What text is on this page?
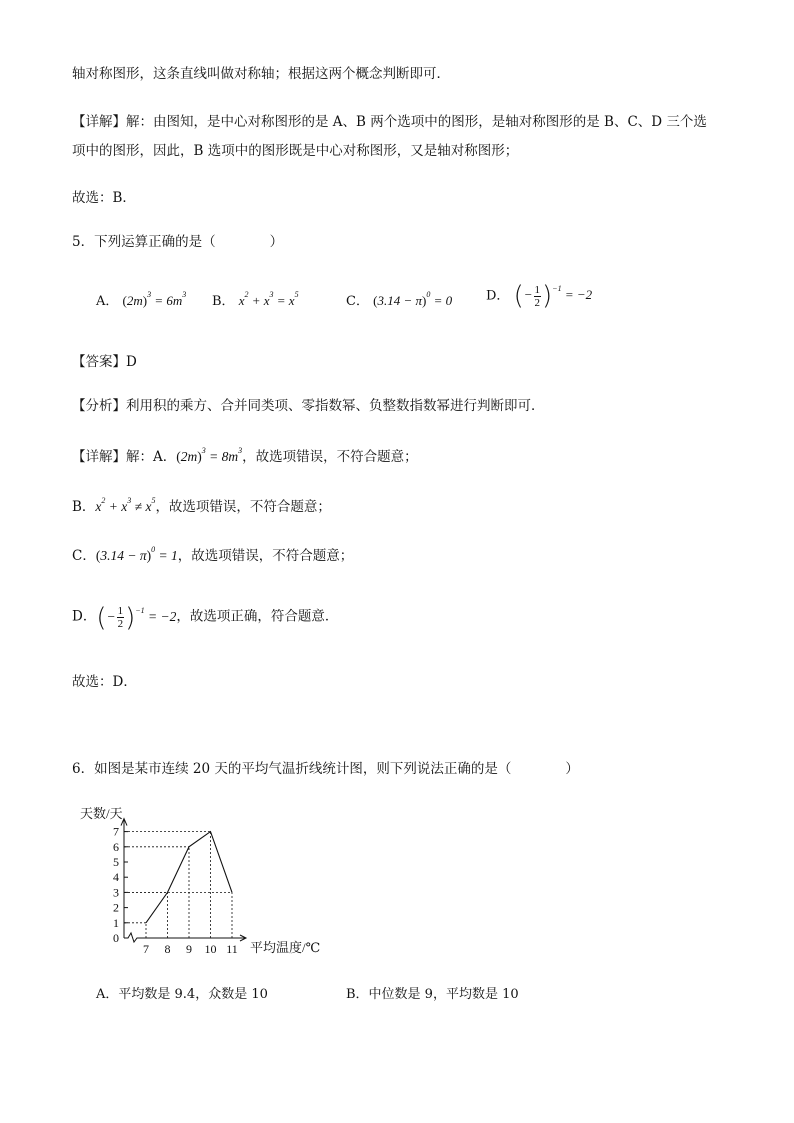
轴对称图形，这条直线叫做对称轴；根据这两个概念判断即可．
【详解】解：由图知，是中心对称图形的是 A、B 两个选项中的图形，是轴对称图形的是 B、C、D 三个选
项中的图形，因此，B 选项中的图形既是中心对称图形，又是轴对称图形；
故选：B．
5．下列运算正确的是（　　　　）
A． $(2m)^3 = 6m^3$ B． $x^2 + x^3 = x^5$	C． $(3.14 - \pi)^0 = 0$	D． (− $\frac{1}{2} )^{-1} = -2$
【答案】D
【分析】利用积的乘方、合并同类项、零指数幂、负整数指数幂进行判断即可．
【详解】解：A．$(2m)^3 = 8m^3$，故选项错误，不符合题意；
B．$x^2 + x^3 \ne x^5$，故选项错误，不符合题意；
C．$(3.14 - \pi)^0 = 1$，故选项错误，不符合题意；
D．(− $\frac{1}{2} )^{-1} = -2$，故选项正确，符合题意．
故选：D．
6．如图是某市连续 20 天的平均气温折线统计图，则下列说法正确的是（　　　　）
0
1
2
3
4
5
6
7
7 8 9 10 11
天数/天
平均温度/℃
A．平均数是 9.4，众数是 10	B．中位数是 9，平均数是 10
